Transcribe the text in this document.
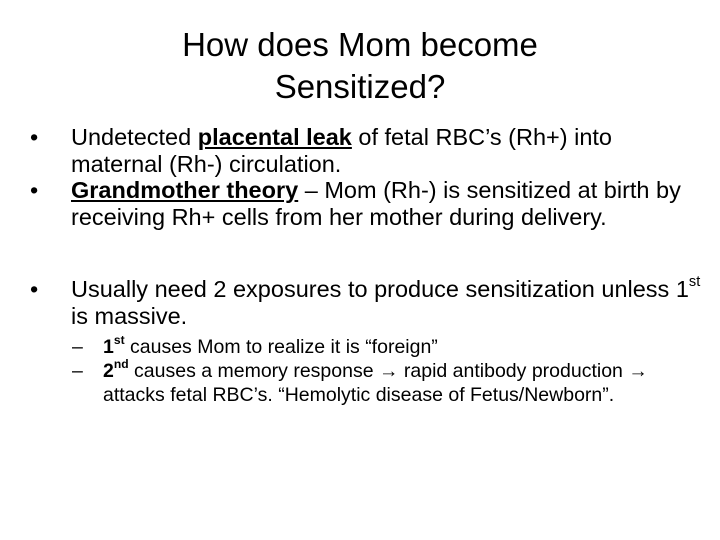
How does Mom become
Sensitized?
• Undetected placental leak of fetal RBC’s (Rh+) into maternal (Rh-) circulation.
• Grandmother theory – Mom (Rh-) is sensitized at birth by receiving Rh+ cells from her mother during delivery.
• Usually need 2 exposures to produce sensitization unless 1st is massive.
– 1st causes Mom to realize it is “foreign”
– 2nd causes a memory response → rapid antibody production → attacks fetal RBC’s. “Hemolytic disease of Fetus/Newborn”.
